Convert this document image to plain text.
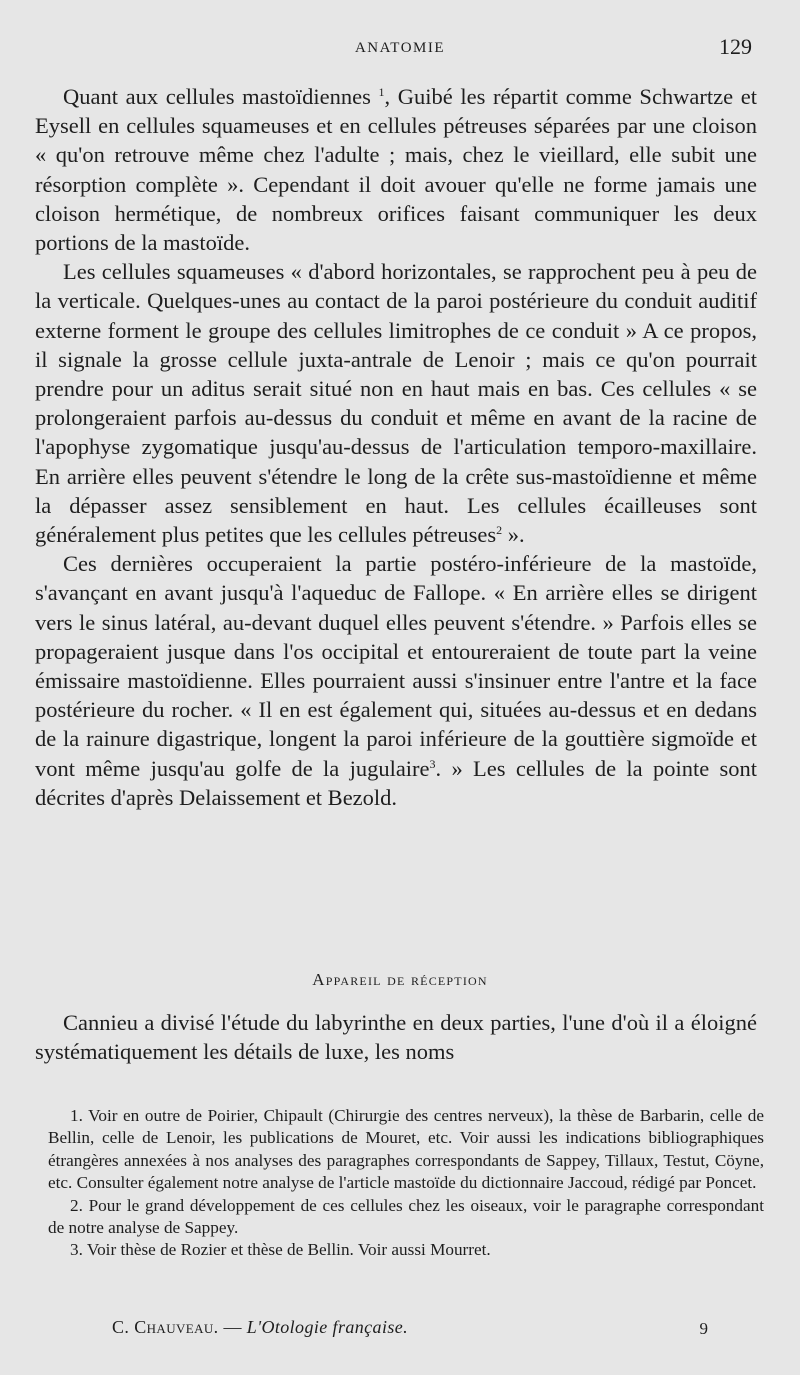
ANATOMIE	129

Quant aux cellules mastoïdiennes $^1$, Guibé les répartit comme Schwartze et Eysell en cellules squameuses et en cellules pétreuses séparées par une cloison « qu'on retrouve même chez l'adulte ; mais, chez le vieillard, elle subit une résorption complète ». Cependant il doit avouer qu'elle ne forme jamais une cloison hermétique, de nombreux orifices faisant communiquer les deux portions de la mastoïde.

Les cellules squameuses « d'abord horizontales, se rapprochent peu à peu de la verticale. Quelques-unes au contact de la paroi postérieure du conduit auditif externe forment le groupe des cellules limitrophes de ce conduit » A ce propos, il signale la grosse cellule juxta-antrale de Lenoir ; mais ce qu'on pourrait prendre pour un aditus serait situé non en haut mais en bas. Ces cellules « se prolongeraient parfois au-dessus du conduit et même en avant de la racine de l'apophyse zygomatique jusqu'au-dessus de l'articulation temporo-maxillaire. En arrière elles peuvent s'étendre le long de la crête sus-mastoïdienne et même la dépasser assez sensiblement en haut. Les cellules écailleuses sont généralement plus petites que les cellules pétreuses$^2$ ».

Ces dernières occuperaient la partie postéro-inférieure de la mastoïde, s'avançant en avant jusqu'à l'aqueduc de Fallope. « En arrière elles se dirigent vers le sinus latéral, au-devant duquel elles peuvent s'étendre. » Parfois elles se propageraient jusque dans l'os occipital et entoureraient de toute part la veine émissaire mastoïdienne. Elles pourraient aussi s'insinuer entre l'antre et la face postérieure du rocher. « Il en est également qui, situées au-dessus et en dedans de la rainure digastrique, longent la paroi inférieure de la gouttière sigmoïde et vont même jusqu'au golfe de la jugulaire$^3$. » Les cellules de la pointe sont décrites d'après Delaissement et Bezold.

Appareil de réception

Cannieu a divisé l'étude du labyrinthe en deux parties, l'une d'où il a éloigné systématiquement les détails de luxe, les noms

1. Voir en outre de Poirier, Chipault (Chirurgie des centres nerveux), la thèse de Barbarin, celle de Bellin, celle de Lenoir, les publications de Mouret, etc. Voir aussi les indications bibliographiques étrangères annexées à nos analyses des paragraphes correspondants de Sappey, Tillaux, Testut, Cöyne, etc. Consulter également notre analyse de l'article mastoïde du dictionnaire Jaccoud, rédigé par Poncet.

2. Pour le grand développement de ces cellules chez les oiseaux, voir le paragraphe correspondant de notre analyse de Sappey.

3. Voir thèse de Rozier et thèse de Bellin. Voir aussi Mourret.

C. Chauveau. — L'Otologie française.	9
